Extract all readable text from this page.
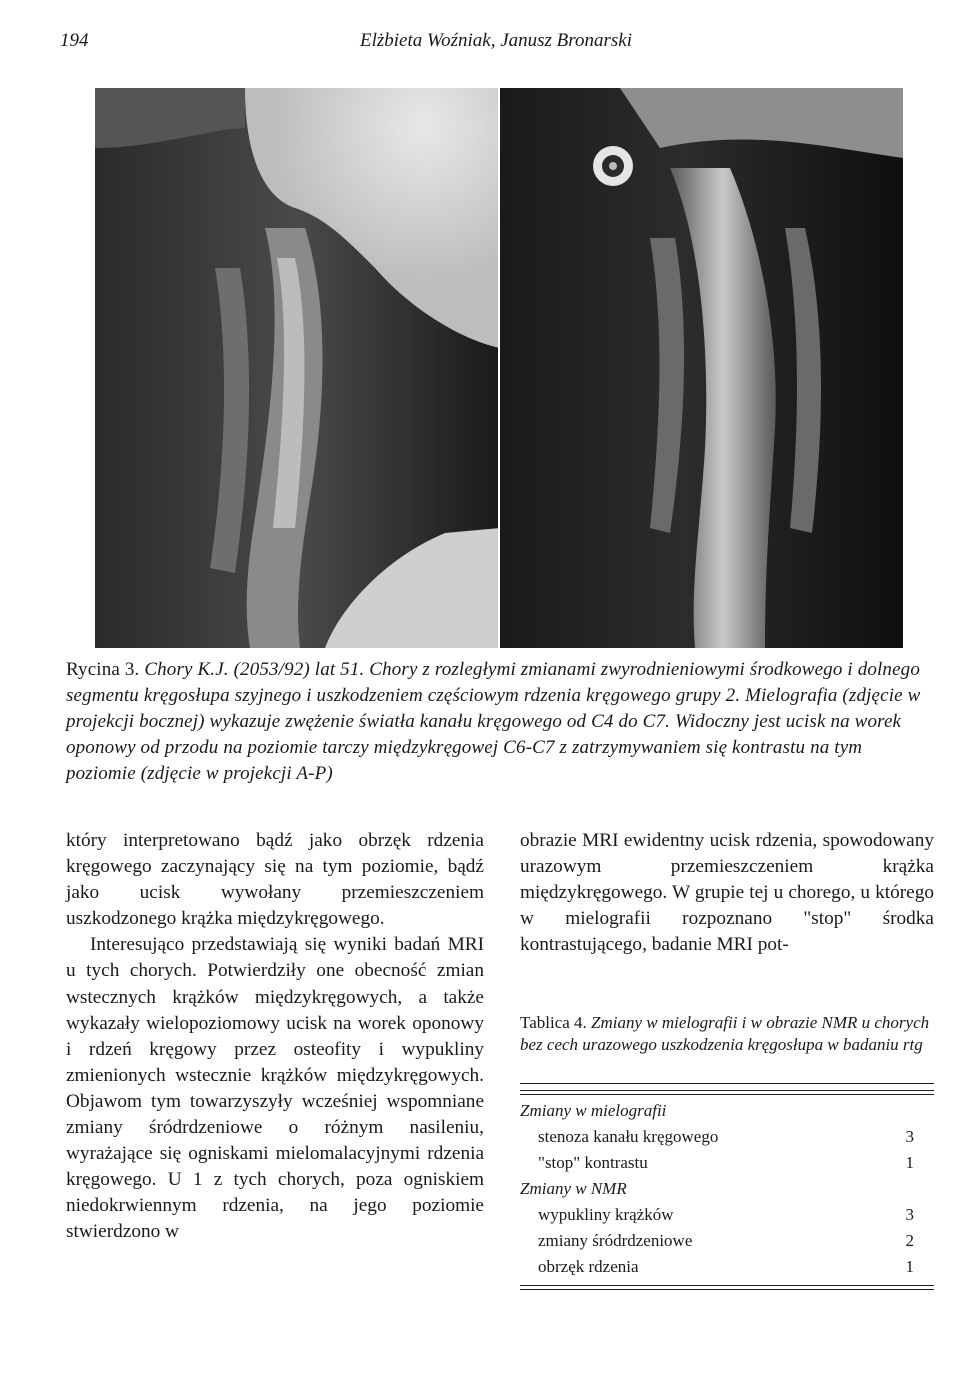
194	Elżbieta Woźniak, Janusz Bronarski
Rycina 3. Chory K.J. (2053/92) lat 51. Chory z rozległymi zmianami zwyrodnieniowymi środkowego i dolnego segmentu kręgosłupa szyjnego i uszkodzeniem częściowym rdzenia kręgowego grupy 2. Mielografia (zdjęcie w projekcji bocznej) wykazuje zwężenie światła kanału kręgowego od C4 do C7. Widoczny jest ucisk na worek oponowy od przodu na poziomie tarczy międzykręgowej C6-C7 z zatrzymywaniem się kontrastu na tym poziomie (zdjęcie w projekcji A-P)

który interpretowano bądź jako obrzęk rdzenia kręgowego zaczynający się na tym poziomie, bądź jako ucisk wywołany przemieszczeniem uszkodzonego krążka międzykręgowego.

Interesująco przedstawiają się wyniki badań MRI u tych chorych. Potwierdziły one obecność zmian wstecznych krążków międzykręgowych, a także wykazały wielopoziomowy ucisk na worek oponowy i rdzeń kręgowy przez osteofity i wypukliny zmienionych wstecznie krążków międzykręgowych. Objawom tym towarzyszyły wcześniej wspomniane zmiany śródrdzeniowe o różnym nasileniu, wyrażające się ogniskami mielomalacyjnymi rdzenia kręgowego. U 1 z tych chorych, poza ogniskiem niedokrwiennym rdzenia, na jego poziomie stwierdzono w

obrazie MRI ewidentny ucisk rdzenia, spowodowany urazowym przemieszczeniem krążka międzykręgowego. W grupie tej u chorego, u którego w mielografii rozpoznano "stop" środka kontrastującego, badanie MRI pot-

Tablica 4. Zmiany w mielografii i w obrazie NMR u chorych bez cech urazowego uszkodzenia kręgosłupa w badaniu rtg
Zmiany w mielografii
stenoza kanału kręgowego	3
"stop" kontrastu	1
Zmiany w NMR
wypukliny krążków	3
zmiany śródrdzeniowe	2
obrzęk rdzenia	1
